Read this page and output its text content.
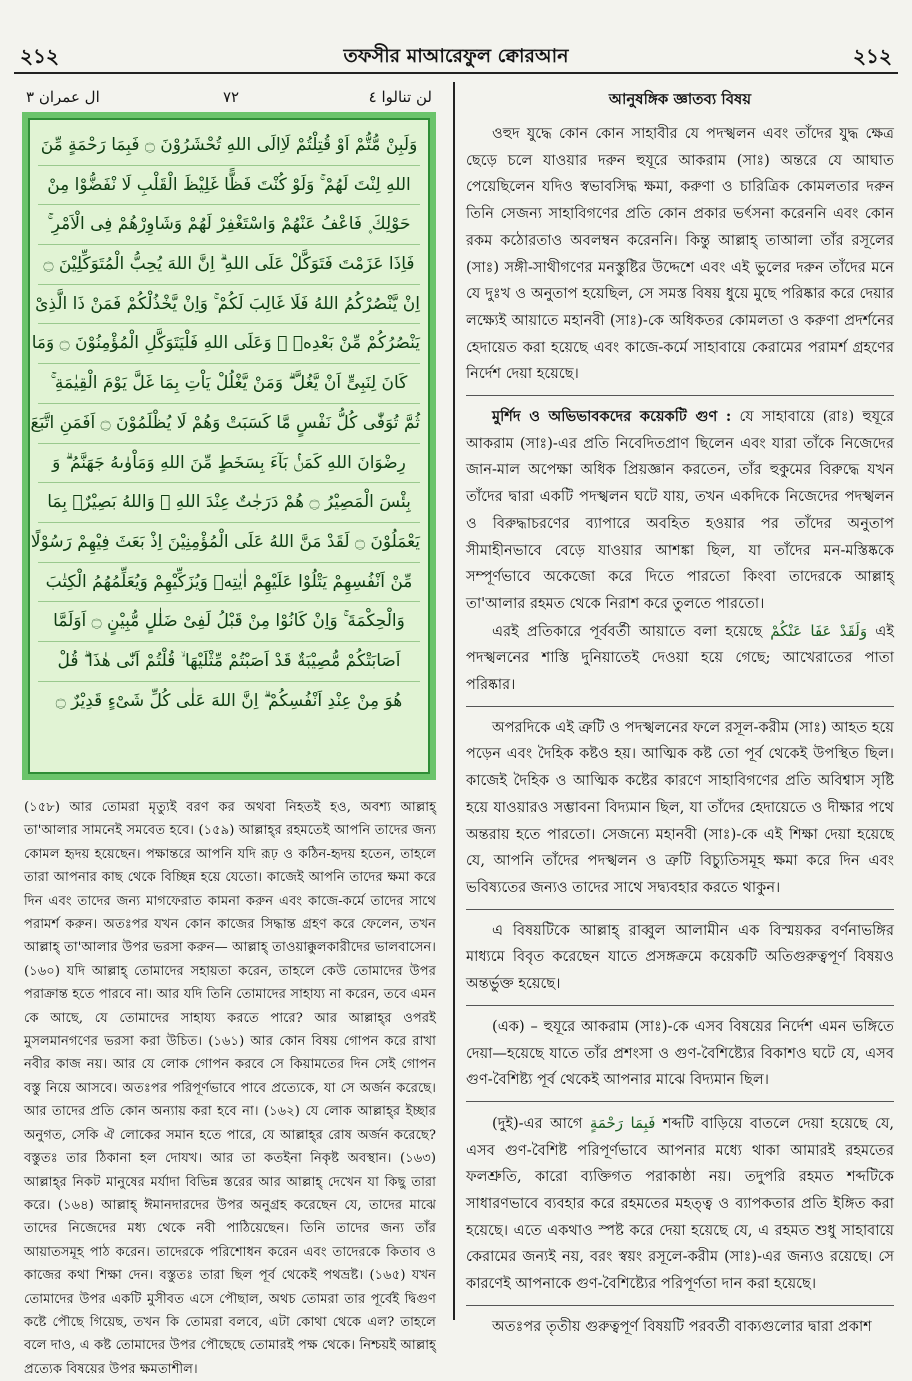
২১২	তফসীর মাআরেফুল ক্বোরআন	২১২
ال عمران ٣	٧٢	لن تنالوا ٤
وَلَبِنْ مُّتُّمْ اَوْ قُتِلْتُمْ لَاِالَى اللهِ تُحْشَرُوْنَ ۝ فَبِمَا رَحْمَةٍ مِّنَ
اللهِ لِنْتَ لَهُمْ ۚ وَلَوْ كُنْتَ فَظًّا غَلِيْظَ الْقَلْبِ لَا نْفَضُّوْا مِنْ
حَوْلِكَ ۪ فَاعْفُ عَنْهُمْ وَاسْتَغْفِرْ لَهُمْ وَشَاوِرْهُمْ فِى الْاَمْرِ ۚ
فَاِذَا عَزَمْتَ فَتَوَكَّلْ عَلَى اللهِ ۗ اِنَّ اللهَ يُحِبُّ الْمُتَوَكِّلِيْنَ ۝
اِنْ يَّنْصُرْكُمُ اللهُ فَلَا غَالِبَ لَكُمْ ۚ وَاِنْ يَّخْذُلْكُمْ فَمَنْ ذَا الَّذِىْ
يَنْصُرُكُمْ مِّنْ بَعْدِهٖ ۗ وَعَلَى اللهِ فَلْيَتَوَكَّلِ الْمُؤْمِنُوْنَ ۝ وَمَا
كَانَ لِنَبِىٍّ اَنْ يَّغُلَّ ۗ وَمَنْ يَّغْلُلْ يَاْتِ بِمَا غَلَّ يَوْمَ الْقِيٰمَةِ ۚ
ثُمَّ تُوَفّٰى كُلُّ نَفْسٍ مَّا كَسَبَتْ وَهُمْ لَا يُظْلَمُوْنَ ۝ اَفَمَنِ اتَّبَعَ
رِضْوَانَ اللهِ كَمَنْۢ بَآءَ بِسَخَطٍ مِّنَ اللهِ وَمَاْوٰىهُ جَهَنَّمُ ۗ وَ
بِئْسَ الْمَصِيْرُ ۝ هُمْ دَرَجٰتٌ عِنْدَ اللهِ ۗ وَاللهُ بَصِيْرٌۢ بِمَا
يَعْمَلُوْنَ ۝ لَقَدْ مَنَّ اللهُ عَلَى الْمُؤْمِنِيْنَ اِذْ بَعَثَ فِيْهِمْ رَسُوْلًا
مِّنْ اَنْفُسِهِمْ يَتْلُوْا عَلَيْهِمْ اٰيٰتِهٖ وَيُزَكِّيْهِمْ وَيُعَلِّمُهُمُ الْكِتٰبَ
وَالْحِكْمَةَ ۚ وَاِنْ كَانُوْا مِنْ قَبْلُ لَفِىْ ضَلٰلٍ مُّبِيْنٍ ۝ اَوَلَمَّا
اَصَابَتْكُمْ مُّصِيْبَةٌ قَدْ اَصَبْتُمْ مِّثْلَيْهَا ۙ قُلْتُمْ اَنّٰى هٰذَا ۗ قُلْ
هُوَ مِنْ عِنْدِ اَنْفُسِكُمْ ۗ اِنَّ اللهَ عَلٰى كُلِّ شَىْءٍ قَدِيْرٌ ۝
(১৫৮) আর তোমরা মৃত্যুই বরণ কর অথবা নিহতই হও, অবশ্য আল্লাহ্ তা'আলার সামনেই সমবেত হবে। (১৫৯) আল্লাহ্‌র রহমতেই আপনি তাদের জন্য কোমল হৃদয় হয়েছেন। পক্ষান্তরে আপনি যদি রূঢ় ও কঠিন-হৃদয় হতেন, তাহলে তারা আপনার কাছ থেকে বিচ্ছিন্ন হয়ে যেতো। কাজেই আপনি তাদের ক্ষমা করে দিন এবং তাদের জন্য মাগফেরাত কামনা করুন এবং কাজে-কর্মে তাদের সাথে পরামর্শ করুন। অতঃপর যখন কোন কাজের সিদ্ধান্ত গ্রহণ করে ফেলেন, তখন আল্লাহ্ তা'আলার উপর ভরসা করুন— আল্লাহ্ তাওয়াক্কুলকারীদের ভালবাসেন। (১৬০) যদি আল্লাহ্ তোমাদের সহায়তা করেন, তাহলে কেউ তোমাদের উপর পরাক্রান্ত হতে পারবে না। আর যদি তিনি তোমাদের সাহায্য না করেন, তবে এমন কে আছে, যে তোমাদের সাহায্য করতে পারে? আর আল্লাহ্‌র ওপরই মুসলমানগণের ভরসা করা উচিত। (১৬১) আর কোন বিষয় গোপন করে রাখা নবীর কাজ নয়। আর যে লোক গোপন করবে সে কিয়ামতের দিন সেই গোপন বস্তু নিয়ে আসবে। অতঃপর পরিপূর্ণভাবে পাবে প্রত্যেকে, যা সে অর্জন করেছে। আর তাদের প্রতি কোন অন্যায় করা হবে না। (১৬২) যে লোক আল্লাহ্‌র ইচ্ছার অনুগত, সেকি ঐ লোকের সমান হতে পারে, যে আল্লাহ্‌র রোষ অর্জন করেছে? বস্তুতঃ তার ঠিকানা হল দোযখ। আর তা কতইনা নিকৃষ্ট অবস্থান। (১৬৩) আল্লাহ্‌র নিকট মানুষের মর্যাদা বিভিন্ন স্তরের আর আল্লাহ্ দেখেন যা কিছু তারা করে। (১৬৪) আল্লাহ্ ঈমানদারদের উপর অনুগ্রহ করেছেন যে, তাদের মাঝে তাদের নিজেদের মধ্য থেকে নবী পাঠিয়েছেন। তিনি তাদের জন্য তাঁর আয়াতসমূহ পাঠ করেন। তাদেরকে পরিশোধন করেন এবং তাদেরকে কিতাব ও কাজের কথা শিক্ষা দেন। বস্তুতঃ তারা ছিল পূর্ব থেকেই পথভ্রষ্ট। (১৬৫) যখন তোমাদের উপর একটি মুসীবত এসে পৌছাল, অথচ তোমরা তার পূর্বেই দ্বিগুণ কষ্টে পৌছে গিয়েছ, তখন কি তোমরা বলবে, এটা কোথা থেকে এল? তাহলে বলে দাও, এ কষ্ট তোমাদের উপর পৌছেছে তোমারই পক্ষ থেকে। নিশ্চয়ই আল্লাহ্ প্রত্যেক বিষয়ের উপর ক্ষমতাশীল।
আনুষঙ্গিক জ্ঞাতব্য বিষয়

ওহুদ যুদ্ধে কোন কোন সাহাবীর যে পদস্খলন এবং তাঁদের যুদ্ধ ক্ষেত্র ছেড়ে চলে যাওয়ার দরুন হুযূরে আকরাম (সাঃ) অন্তরে যে আঘাত পেয়েছিলেন যদিও স্বভাবসিদ্ধ ক্ষমা, করুণা ও চারিত্রিক কোমলতার দরুন তিনি সেজন্য সাহাবিগণের প্রতি কোন প্রকার ভর্ৎসনা করেননি এবং কোন রকম কঠোরতাও অবলম্বন করেননি। কিন্তু আল্লাহ্ তাআলা তাঁর রসূলের (সাঃ) সঙ্গী-সাথীগণের মনস্তুষ্টির উদ্দেশে এবং এই ভুলের দরুন তাঁদের মনে যে দুঃখ ও অনুতাপ হয়েছিল, সে সমস্ত বিষয় ধুয়ে মুছে পরিষ্কার করে দেয়ার লক্ষ্যেই আয়াতে মহানবী (সাঃ)-কে অধিকতর কোমলতা ও করুণা প্রদর্শনের হেদায়েত করা হয়েছে এবং কাজে-কর্মে সাহাবায়ে কেরামের পরামর্শ গ্রহণের নির্দেশ দেয়া হয়েছে।

মুর্শিদ ও অভিভাবকদের কয়েকটি গুণ : যে সাহাবায়ে (রাঃ) হুযূরে আকরাম (সাঃ)-এর প্রতি নিবেদিতপ্রাণ ছিলেন এবং যারা তাঁকে নিজেদের জান-মাল অপেক্ষা অধিক প্রিয়জ্ঞান করতেন, তাঁর হুকুমের বিরুদ্ধে যখন তাঁদের দ্বারা একটি পদস্খলন ঘটে যায়, তখন একদিকে নিজেদের পদস্খলন ও বিরুদ্ধাচরণের ব্যাপারে অবহিত হওয়ার পর তাঁদের অনুতাপ সীমাহীনভাবে বেড়ে যাওয়ার আশঙ্কা ছিল, যা তাঁদের মন-মস্তিষ্ককে সম্পূর্ণভাবে অকেজো করে দিতে পারতো কিংবা তাদেরকে আল্লাহ্ তা'আলার রহমত থেকে নিরাশ করে তুলতে পারতো।

এরই প্রতিকারে পূর্ববর্তী আয়াতে বলা হয়েছে وَلَقَدْ عَفَا عَنْكُمْ এই পদস্খলনের শাস্তি দুনিয়াতেই দেওয়া হয়ে গেছে; আখেরাতের পাতা পরিষ্কার।

অপরদিকে এই ত্রুটি ও পদস্খলনের ফলে রসূল-করীম (সাঃ) আহত হয়ে পড়েন এবং দৈহিক কষ্টও হয়। আত্মিক কষ্ট তো পূর্ব থেকেই উপস্থিত ছিল। কাজেই দৈহিক ও আত্মিক কষ্টের কারণে সাহাবিগণের প্রতি অবিশ্বাস সৃষ্টি হয়ে যাওয়ারও সম্ভাবনা বিদ্যমান ছিল, যা তাঁদের হেদায়েতে ও দীক্ষার পথে অন্তরায় হতে পারতো। সেজন্যে মহানবী (সাঃ)-কে এই শিক্ষা দেয়া হয়েছে যে, আপনি তাঁদের পদস্খলন ও ত্রুটি বিচ্যুতিসমূহ ক্ষমা করে দিন এবং ভবিষ্যতের জন্যও তাদের সাথে সদ্ব্যবহার করতে থাকুন।

এ বিষয়টিকে আল্লাহ্ রাব্বুল আলামীন এক বিস্ময়কর বর্ণনাভঙ্গির মাধ্যমে বিবৃত করেছেন যাতে প্রসঙ্গক্রমে কয়েকটি অতিগুরুত্বপূর্ণ বিষয়ও অন্তর্ভুক্ত হয়েছে।

(এক) – হুযূরে আকরাম (সাঃ)-কে এসব বিষয়ের নির্দেশ এমন ভঙ্গিতে দেয়া—হয়েছে যাতে তাঁর প্রশংসা ও গুণ-বৈশিষ্ট্যের বিকাশও ঘটে যে, এসব গুণ-বৈশিষ্ট্য পূর্ব থেকেই আপনার মাঝে বিদ্যমান ছিল।

(দুই)-এর আগে فَبِمَا رَحْمَةٍ শব্দটি বাড়িয়ে বাতলে দেয়া হয়েছে যে, এসব গুণ-বৈশিষ্ট পরিপূর্ণভাবে আপনার মধ্যে থাকা আমারই রহমতের ফলশ্রুতি, কারো ব্যক্তিগত পরাকাষ্ঠা নয়। তদুপরি রহমত শব্দটিকে সাধারণভাবে ব্যবহার করে রহমতের মহত্ত্ব ও ব্যাপকতার প্রতি ইঙ্গিত করা হয়েছে। এতে একথাও স্পষ্ট করে দেয়া হয়েছে যে, এ রহমত শুধু সাহাবায়ে কেরামের জন্যই নয়, বরং স্বয়ং রসূলে-করীম (সাঃ)-এর জন্যও রয়েছে। সে কারণেই আপনাকে গুণ-বৈশিষ্ট্যের পরিপূর্ণতা দান করা হয়েছে।

অতঃপর তৃতীয় গুরুত্বপূর্ণ বিষয়টি পরবর্তী বাক্যগুলোর দ্বারা প্রকাশ
